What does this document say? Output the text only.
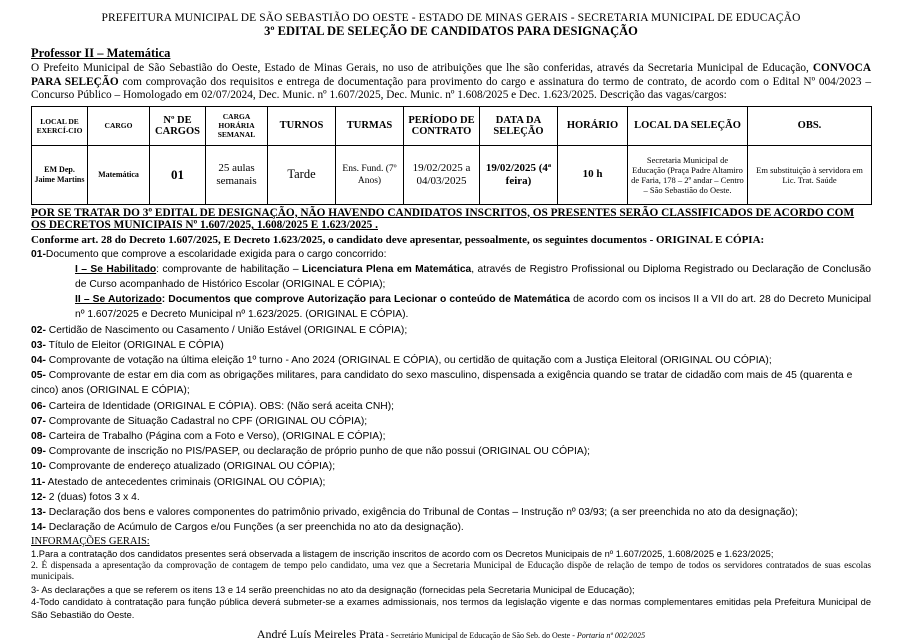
PREFEITURA MUNICIPAL DE SÃO SEBASTIÃO DO OESTE - ESTADO DE MINAS GERAIS - SECRETARIA MUNICIPAL DE EDUCAÇÃO
3º EDITAL DE SELEÇÃO DE CANDIDATOS PARA DESIGNAÇÃO
Professor II – Matemática
O Prefeito Municipal de São Sebastião do Oeste, Estado de Minas Gerais, no uso de atribuições que lhe são conferidas, através da Secretaria Municipal de Educação, CONVOCA PARA SELEÇÃO com comprovação dos requisitos e entrega de documentação para provimento do cargo e assinatura do termo de contrato, de acordo com o Edital Nº 004/2023 – Concurso Público – Homologado em 02/07/2024, Dec. Munic. nº 1.607/2025, Dec. Munic. nº 1.608/2025 e Dec. 1.623/2025. Descrição das vagas/cargos:
LOCAL DE EXERCÍ-CIO	CARGO	Nº DE CARGOS	CARGA HORÁRIA SEMANAL	TURNOS	TURMAS	PERÍODO DE CONTRATO	DATA DA SELEÇÃO	HORÁRIO	LOCAL DA SELEÇÃO	OBS.
EM Dep. Jaime Martins	Matemática	01	25 aulas semanais	Tarde	Ens. Fund. (7º Anos)	19/02/2025 a 04/03/2025	19/02/2025 (4ª feira)	10 h	Secretaria Municipal de Educação (Praça Padre Altamiro de Faria, 178 – 2º andar – Centro – São Sebastião do Oeste.	Em substituição à servidora em Lic. Trat. Saúde
POR SE TRATAR DO 3º EDITAL DE DESIGNAÇÃO, NÃO HAVENDO CANDIDATOS INSCRITOS, OS PRESENTES SERÃO CLASSIFICADOS DE ACORDO COM OS DECRETOS MUNICIPAIS Nº 1.607/2025, 1.608/2025 E 1.623/2025 .
Conforme art. 28 do Decreto 1.607/2025, E Decreto 1.623/2025, o candidato deve apresentar, pessoalmente, os seguintes documentos - ORIGINAL E CÓPIA:
01-Documento que comprove a escolaridade exigida para o cargo concorrido:
I – Se Habilitado: comprovante de habilitação – Licenciatura Plena em Matemática, através de Registro Profissional ou Diploma Registrado ou Declaração de Conclusão de Curso acompanhado de Histórico Escolar (ORIGINAL E CÓPIA);
II – Se Autorizado: Documentos que comprove Autorização para Lecionar o conteúdo de Matemática de acordo com os incisos II a VII do art. 28 do Decreto Municipal nº 1.607/2025 e Decreto Municipal nº 1.623/2025. (ORIGINAL E CÓPIA).
02- Certidão de Nascimento ou Casamento / União Estável (ORIGINAL E CÓPIA);
03- Título de Eleitor (ORIGINAL E CÓPIA)
04- Comprovante de votação na última eleição 1º turno - Ano 2024 (ORIGINAL E CÓPIA), ou certidão de quitação com a Justiça Eleitoral (ORIGINAL OU CÓPIA);
05- Comprovante de estar em dia com as obrigações militares, para candidato do sexo masculino, dispensada a exigência quando se tratar de cidadão com mais de 45 (quarenta e cinco) anos (ORIGINAL E CÓPIA);
06- Carteira de Identidade (ORIGINAL E CÓPIA). OBS: (Não será aceita CNH);
07- Comprovante de Situação Cadastral no CPF (ORIGINAL OU CÓPIA);
08- Carteira de Trabalho (Página com a Foto e Verso), (ORIGINAL E CÓPIA);
09- Comprovante de inscrição no PIS/PASEP, ou declaração de próprio punho de que não possui (ORIGINAL OU CÓPIA);
10- Comprovante de endereço atualizado (ORIGINAL OU CÓPIA);
11- Atestado de antecedentes criminais (ORIGINAL OU CÓPIA);
12- 2 (duas) fotos 3 x 4.
13- Declaração dos bens e valores componentes do patrimônio privado, exigência do Tribunal de Contas – Instrução nº 03/93; (a ser preenchida no ato da designação);
14- Declaração de Acúmulo de Cargos e/ou Funções (a ser preenchida no ato da designação).
INFORMAÇÕES GERAIS:
1.Para a contratação dos candidatos presentes será observada a listagem de inscrição inscritos de acordo com os Decretos Municipais de nº 1.607/2025, 1.608/2025 e 1.623/2025;
2. É dispensada a apresentação da comprovação de contagem de tempo pelo candidato, uma vez que a Secretaria Municipal de Educação dispõe de relação de tempo de todos os servidores contratados de suas escolas municipais.
3- As declarações a que se referem os itens 13 e 14 serão preenchidas no ato da designação (fornecidas pela Secretaria Municipal de Educação);
4-Todo candidato à contratação para função pública deverá submeter-se a exames admissionais, nos termos da legislação vigente e das normas complementares emitidas pela Prefeitura Municipal de São Sebastião do Oeste.
André Luís Meireles Prata - Secretário Municipal de Educação de São Seb. do Oeste - Portaria nº 002/2025
